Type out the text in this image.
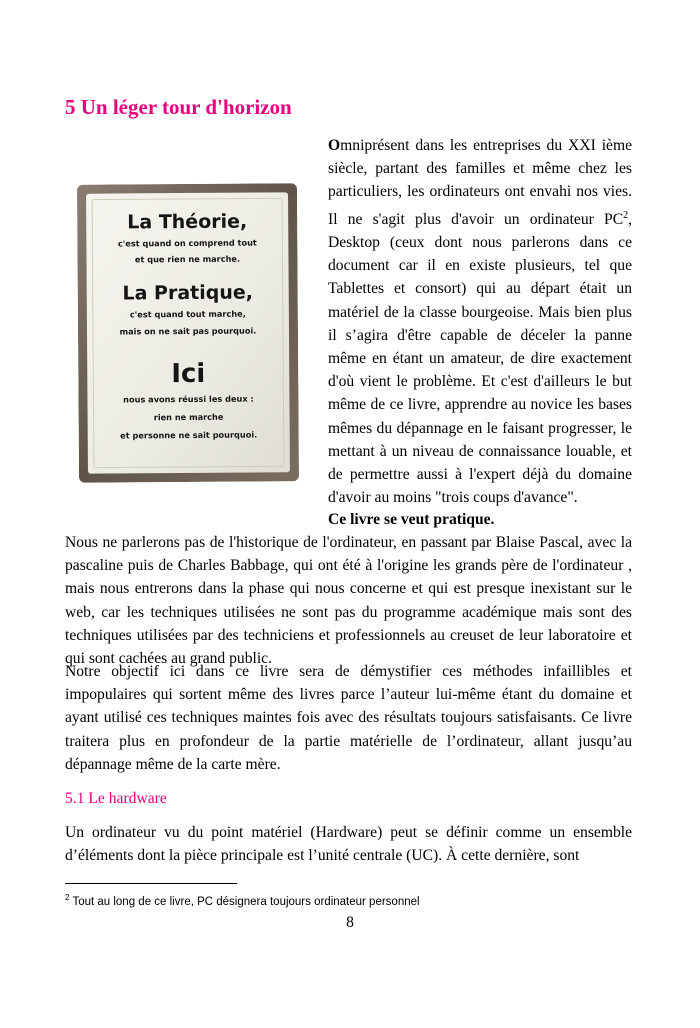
5 Un léger tour d'horizon
La Théorie,
c'est quand on comprend tout
et que rien ne marche.
La Pratique,
c'est quand tout marche,
mais on ne sait pas pourquoi.
Ici
nous avons réussi les deux :
rien ne marche
et personne ne sait pourquoi.

Omniprésent dans les entreprises du XXI ième siècle, partant des familles et même chez les particuliers, les ordinateurs ont envahi nos vies. Il ne s'agit plus d'avoir un ordinateur $PC^2$, Desktop (ceux dont nous parlerons dans ce document car il en existe plusieurs, tel que Tablettes et consort) qui au départ était un matériel de la classe bourgeoise. Mais bien plus il s’agira d'être capable de déceler la panne même en étant un amateur, de dire exactement d'où vient le problème. Et c'est d'ailleurs le but même de ce livre, apprendre au novice les bases mêmes du dépannage en le faisant progresser, le mettant à un niveau de connaissance louable, et de permettre aussi à l'expert déjà du domaine d'avoir au moins "trois coups d'avance".

Ce livre se veut pratique.

Nous ne parlerons pas de l'historique de l'ordinateur, en passant par Blaise Pascal, avec la pascaline puis de Charles Babbage, qui ont été à l'origine les grands père de l'ordinateur , mais nous entrerons dans la phase qui nous concerne et qui est presque inexistant sur le web, car les techniques utilisées ne sont pas du programme académique mais sont des techniques utilisées par des techniciens et professionnels au creuset de leur laboratoire et qui sont cachées au grand public.

Notre objectif ici dans ce livre sera de démystifier ces méthodes infaillibles et impopulaires qui sortent même des livres parce l’auteur lui-même étant du domaine et ayant utilisé ces techniques maintes fois avec des résultats toujours satisfaisants. Ce livre traitera plus en profondeur de la partie matérielle de l’ordinateur, allant jusqu’au dépannage même de la carte mère.

5.1 Le hardware

Un ordinateur vu du point matériel (Hardware) peut se définir comme un ensemble d’éléments dont la pièce principale est l’unité centrale (UC). À cette dernière, sont

$^2$ Tout au long de ce livre, PC désignera toujours ordinateur personnel

8
